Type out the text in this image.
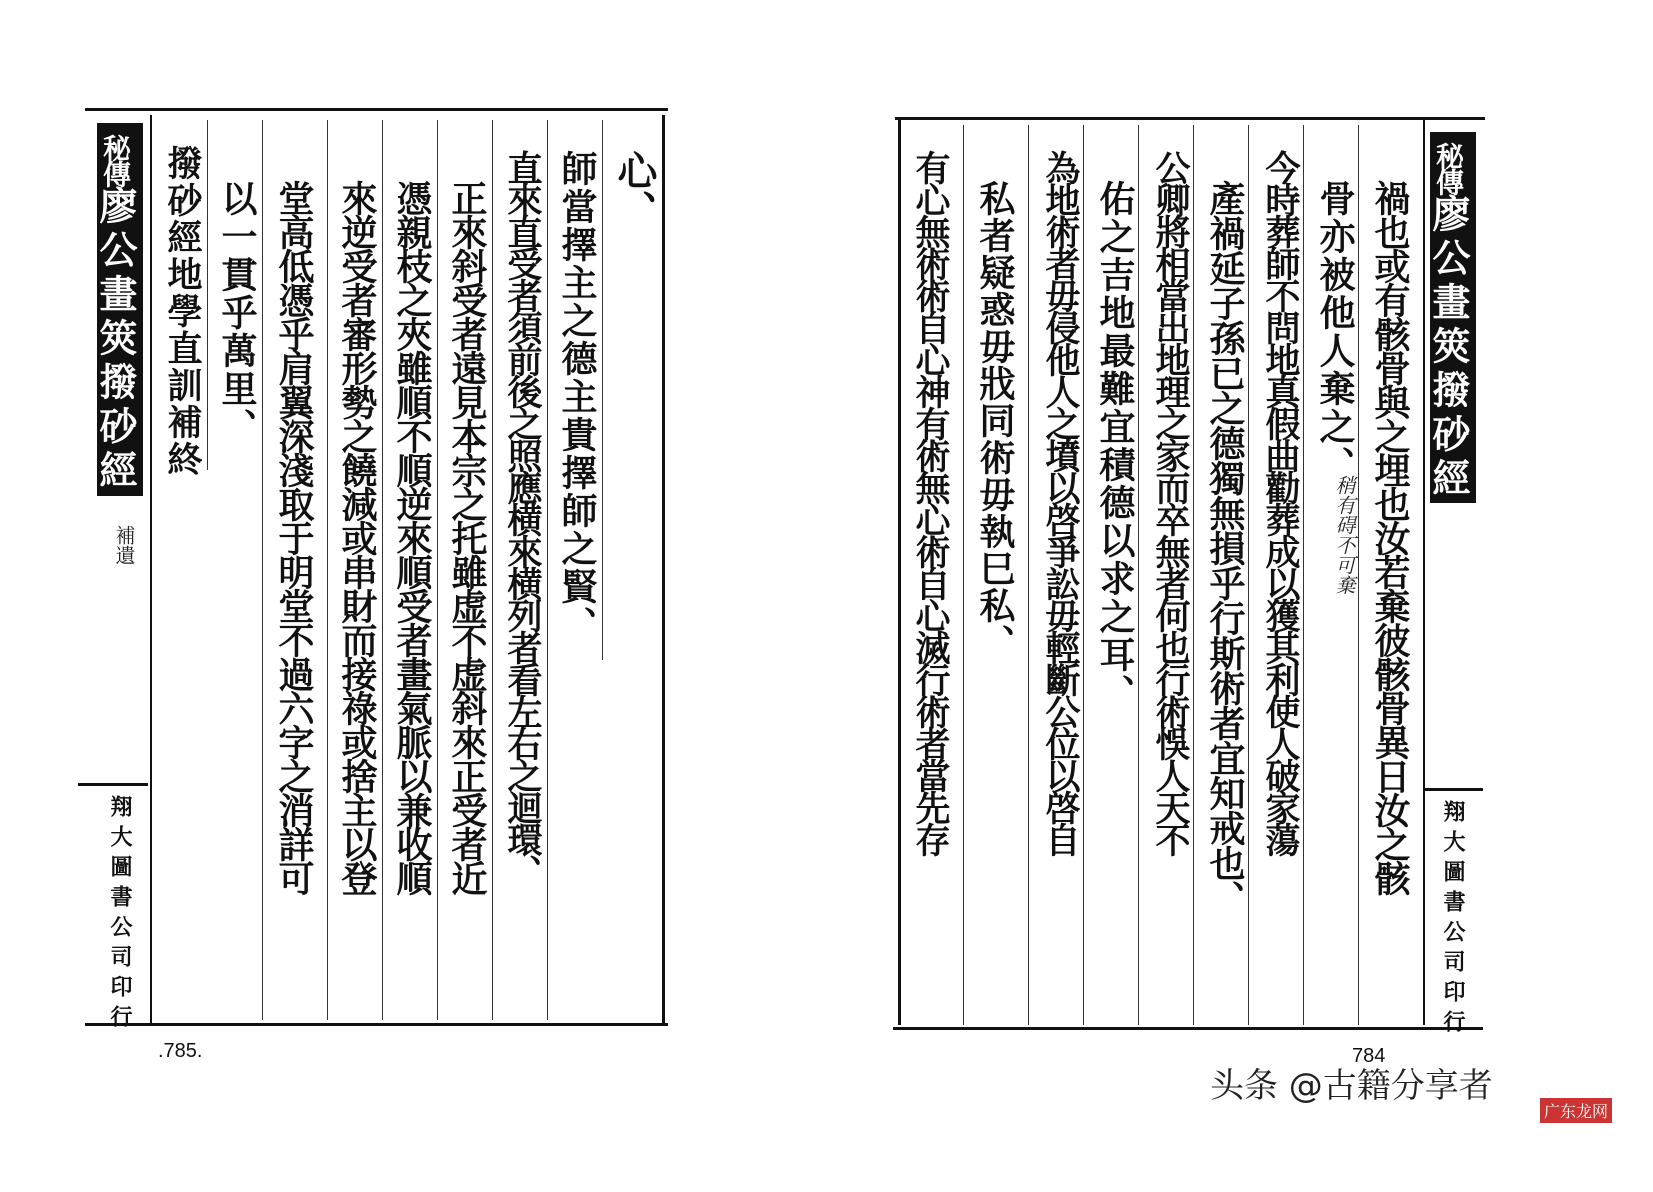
秘傳廖公畫筴撥砂經
補遺
翔大圖書公司印行
.785.
心、
師當擇主之德主貴擇師之賢、
直來直受者須前後之照應横來横列者看左右之迴環、
正來斜受者遠見本宗之托雖虚不虚斜來正受者近
憑親枝之夾雖順不順逆來順受者畫氣脈以兼收順
來逆受者審形勢之饒減或串財而接祿或捨主以登
堂高低憑乎肩翼深淺取于明堂不過六字之消詳可
以一貫乎萬里、
撥砂經地學直訓補終	秘傳廖公畫筴撥砂經
翔大圖書公司印行
784
禍也或有骸骨與之埋也汝若棄彼骸骨異日汝之骸
骨亦被他人棄之、
稍有碍不可棄
今時葬師不問地真假曲勸葬成以獲其利使人破家蕩
產禍延子孫已之德獨無損乎行斯術者宜知戒也、
公卿將相當出地理之家而卒無者何也行術悞人天不
佑之吉地最難宜積德以求之耳、
為地術者毋侵他人之墳以啓爭訟毋輕斷公位以啓自
私者疑惑毋戕同術毋執巳私、
有心無術術自心神有術無心術自心滅行術者當先存
头条 @古籍分享者
广东龙网
